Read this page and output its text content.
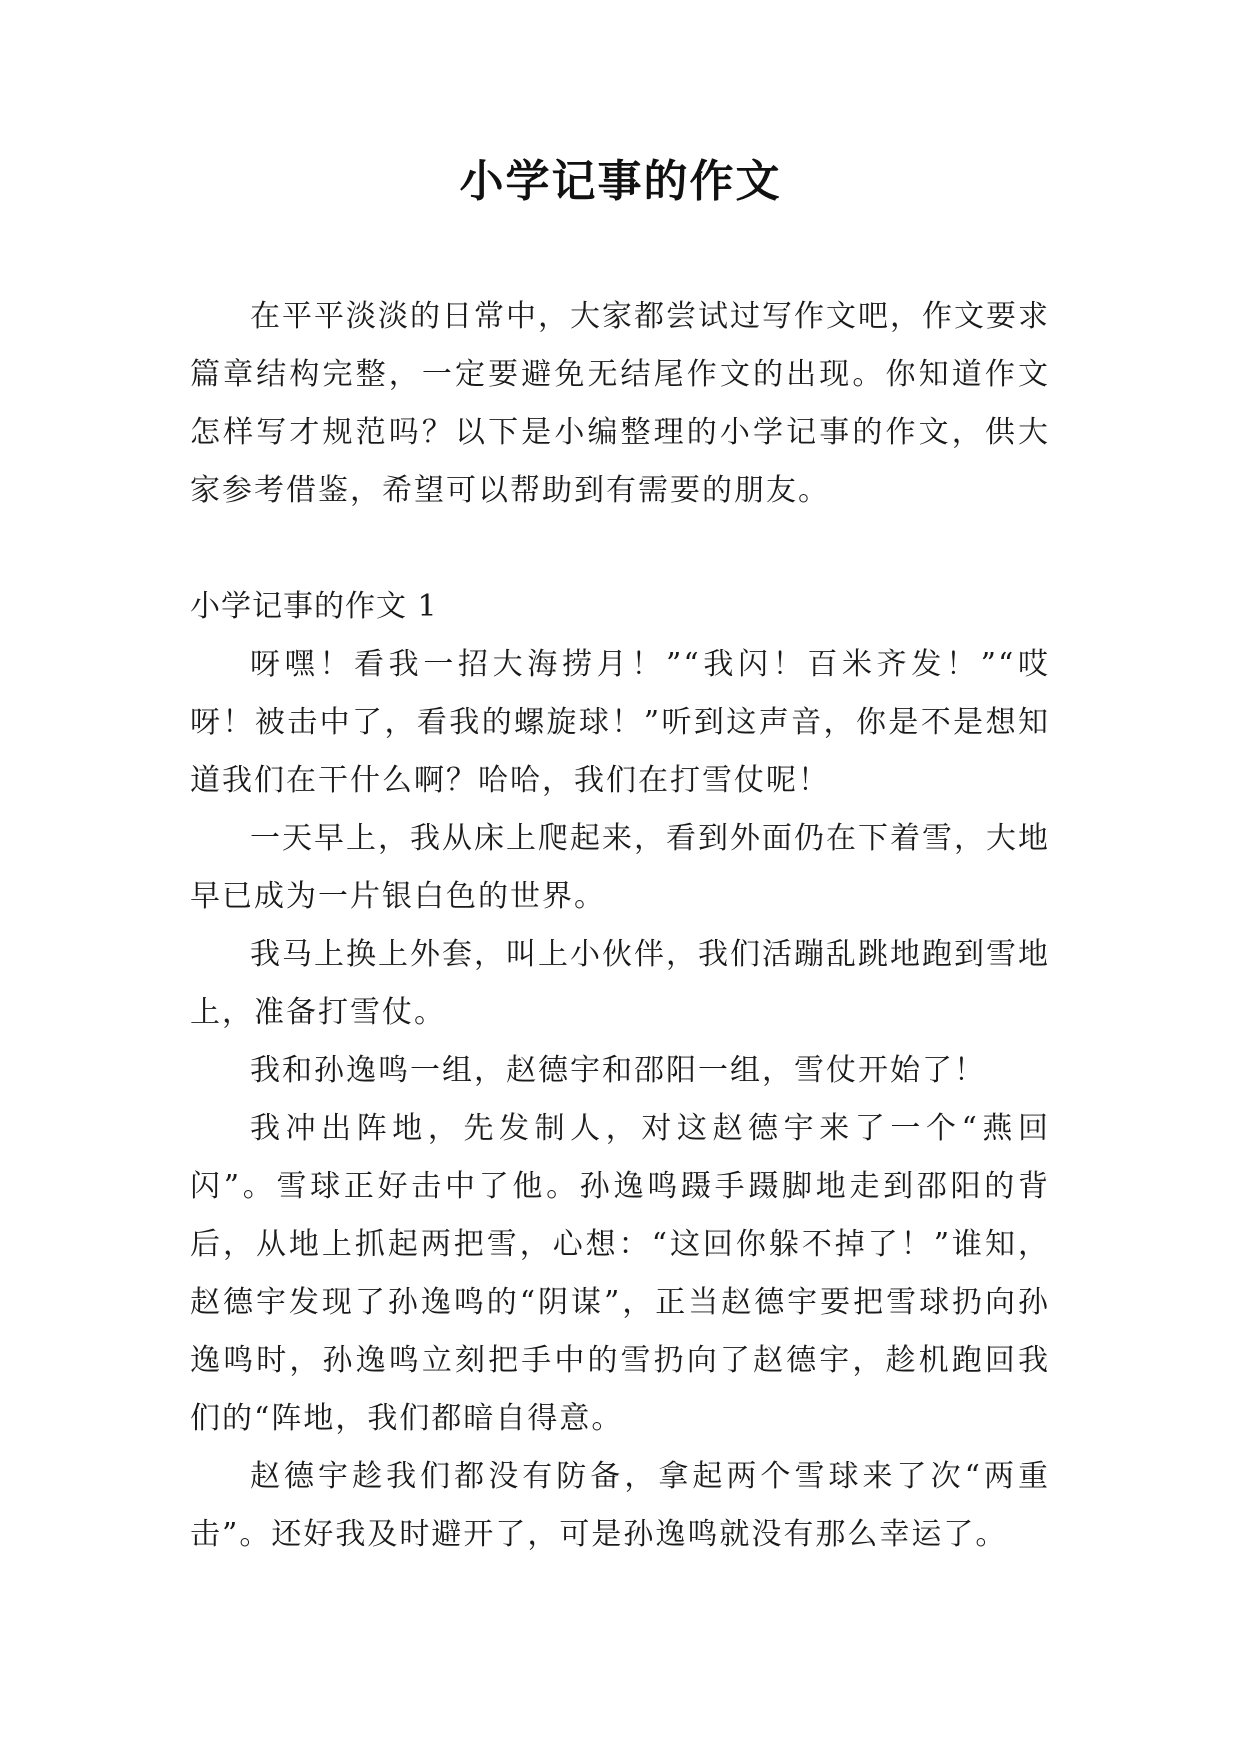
小学记事的作文

在平平淡淡的日常中，大家都尝试过写作文吧，作文要求篇章结构完整，一定要避免无结尾作文的出现。你知道作文怎样写才规范吗？以下是小编整理的小学记事的作文，供大家参考借鉴，希望可以帮助到有需要的朋友。

小学记事的作文 1

呀嘿！看我一招大海捞月！”“我闪！百米齐发！”“哎呀！被击中了，看我的螺旋球！”听到这声音，你是不是想知道我们在干什么啊？哈哈，我们在打雪仗呢！

一天早上，我从床上爬起来，看到外面仍在下着雪，大地早已成为一片银白色的世界。

我马上换上外套，叫上小伙伴，我们活蹦乱跳地跑到雪地上，准备打雪仗。

我和孙逸鸣一组，赵德宇和邵阳一组，雪仗开始了！

我冲出阵地，先发制人，对这赵德宇来了一个“燕回闪”。雪球正好击中了他。孙逸鸣蹑手蹑脚地走到邵阳的背后，从地上抓起两把雪，心想：“这回你躲不掉了！”谁知，赵德宇发现了孙逸鸣的“阴谋”，正当赵德宇要把雪球扔向孙逸鸣时，孙逸鸣立刻把手中的雪扔向了赵德宇，趁机跑回我们的“阵地，我们都暗自得意。

赵德宇趁我们都没有防备，拿起两个雪球来了次“两重击”。还好我及时避开了，可是孙逸鸣就没有那么幸运了。
